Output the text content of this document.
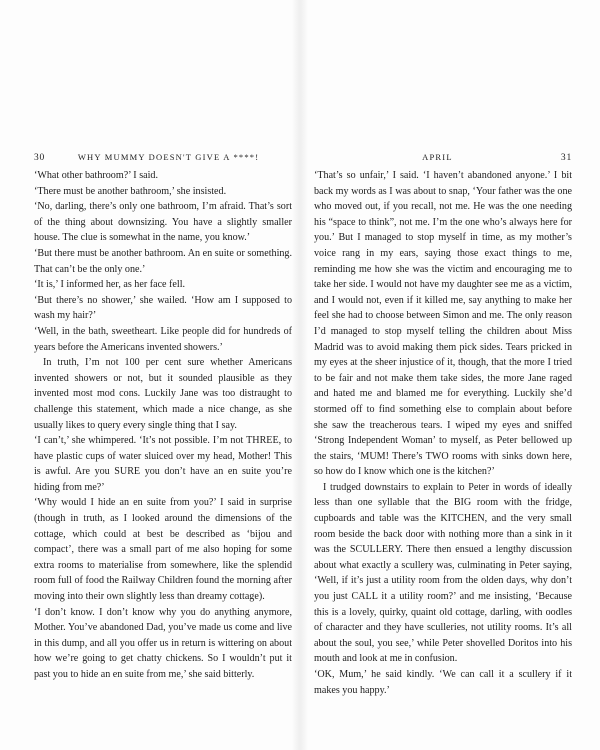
30	WHY MUMMY DOESN'T GIVE A ****!

‘What other bathroom?’ I said.

‘There must be another bathroom,’ she insisted.

‘No, darling, there’s only one bathroom, I’m afraid. That’s sort of the thing about downsizing. You have a slightly smaller house. The clue is somewhat in the name, you know.’

‘But there must be another bathroom. An en suite or something. That can’t be the only one.’

‘It is,’ I informed her, as her face fell.

‘But there’s no shower,’ she wailed. ‘How am I supposed to wash my hair?’

‘Well, in the bath, sweetheart. Like people did for hundreds of years before the Americans invented showers.’

In truth, I’m not 100 per cent sure whether Americans invented showers or not, but it sounded plausible as they invented most mod cons. Luckily Jane was too distraught to challenge this statement, which made a nice change, as she usually likes to query every single thing that I say.

‘I can’t,’ she whimpered. ‘It’s not possible. I’m not THREE, to have plastic cups of water sluiced over my head, Mother! This is awful. Are you SURE you don’t have an en suite you’re hiding from me?’

‘Why would I hide an en suite from you?’ I said in surprise (though in truth, as I looked around the dimensions of the cottage, which could at best be described as ‘bijou and compact’, there was a small part of me also hoping for some extra rooms to materialise from somewhere, like the splendid room full of food the Railway Children found the morning after moving into their own slightly less than dreamy cottage).

‘I don’t know. I don’t know why you do anything anymore, Mother. You’ve abandoned Dad, you’ve made us come and live in this dump, and all you offer us in return is wittering on about how we’re going to get chatty chickens. So I wouldn’t put it past you to hide an en suite from me,’ she said bitterly.

APRIL	31

‘That’s so unfair,’ I said. ‘I haven’t abandoned anyone.’ I bit back my words as I was about to snap, ‘Your father was the one who moved out, if you recall, not me. He was the one needing his “space to think”, not me. I’m the one who’s always here for you.’ But I managed to stop myself in time, as my mother’s voice rang in my ears, saying those exact things to me, reminding me how she was the victim and encouraging me to take her side. I would not have my daughter see me as a victim, and I would not, even if it killed me, say anything to make her feel she had to choose between Simon and me. The only reason I’d managed to stop myself telling the children about Miss Madrid was to avoid making them pick sides. Tears pricked in my eyes at the sheer injustice of it, though, that the more I tried to be fair and not make them take sides, the more Jane raged and hated me and blamed me for everything. Luckily she’d stormed off to find something else to complain about before she saw the treacherous tears. I wiped my eyes and sniffed ‘Strong Independent Woman’ to myself, as Peter bellowed up the stairs, ‘MUM! There’s TWO rooms with sinks down here, so how do I know which one is the kitchen?’

I trudged downstairs to explain to Peter in words of ideally less than one syllable that the BIG room with the fridge, cupboards and table was the KITCHEN, and the very small room beside the back door with nothing more than a sink in it was the SCULLERY. There then ensued a lengthy discussion about what exactly a scullery was, culminating in Peter saying, ‘Well, if it’s just a utility room from the olden days, why don’t you just CALL it a utility room?’ and me insisting, ‘Because this is a lovely, quirky, quaint old cottage, darling, with oodles of character and they have sculleries, not utility rooms. It’s all about the soul, you see,’ while Peter shovelled Doritos into his mouth and look at me in confusion.

‘OK, Mum,’ he said kindly. ‘We can call it a scullery if it makes you happy.’
